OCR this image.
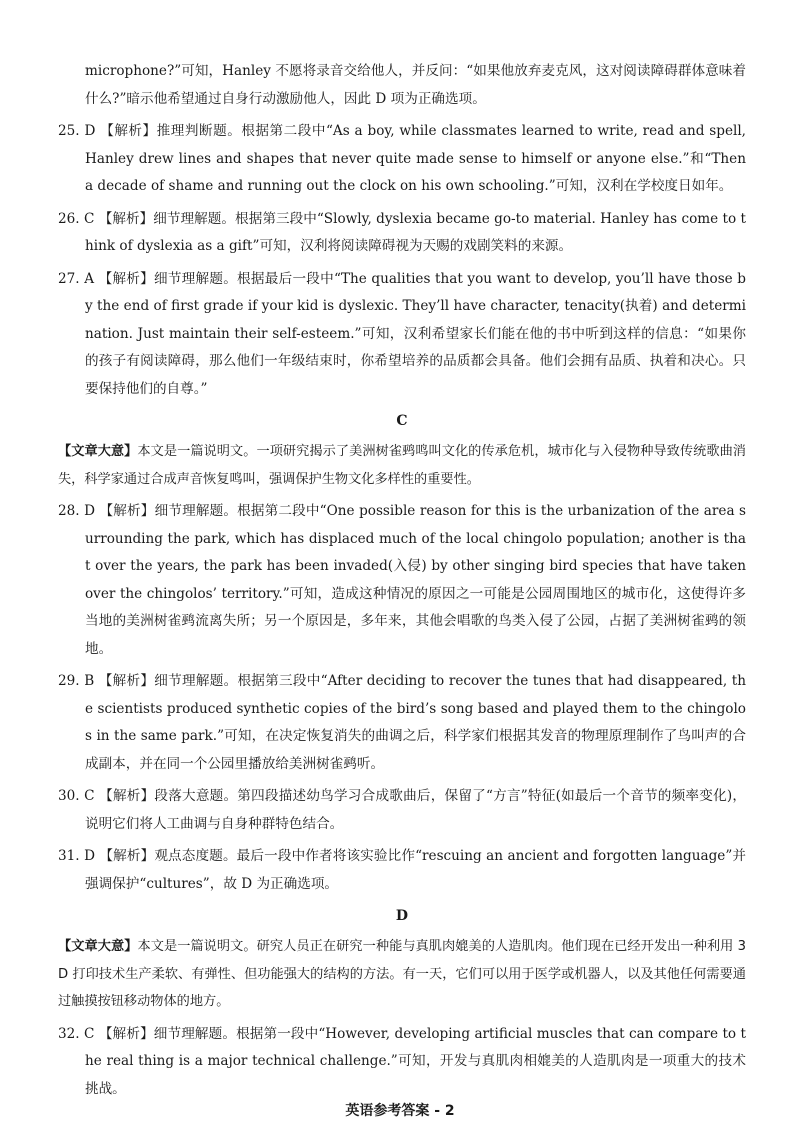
microphone?”可知，Hanley 不愿将录音交给他人，并反问：“如果他放弃麦克风，这对阅读障碍群体意味着什么?”暗示他希望通过自身行动激励他人，因此 D 项为正确选项。

25. D 【解析】推理判断题。根据第二段中“As a boy, while classmates learned to write, read and spell, Hanley drew lines and shapes that never quite made sense to himself or anyone else.”和“Then a decade of shame and running out the clock on his own schooling.”可知，汉利在学校度日如年。

26. C 【解析】细节理解题。根据第三段中“Slowly, dyslexia became go-to material. Hanley has come to think of dyslexia as a gift”可知，汉利将阅读障碍视为天赐的戏剧笑料的来源。

27. A 【解析】细节理解题。根据最后一段中“The qualities that you want to develop, you’ll have those by the end of first grade if your kid is dyslexic. They’ll have character, tenacity(执着) and determination. Just maintain their self-esteem.”可知，汉利希望家长们能在他的书中听到这样的信息：“如果你的孩子有阅读障碍，那么他们一年级结束时，你希望培养的品质都会具备。他们会拥有品质、执着和决心。只要保持他们的自尊。”

C

【文章大意】本文是一篇说明文。一项研究揭示了美洲树雀鹀鸣叫文化的传承危机，城市化与入侵物种导致传统歌曲消失，科学家通过合成声音恢复鸣叫，强调保护生物文化多样性的重要性。

28. D 【解析】细节理解题。根据第二段中“One possible reason for this is the urbanization of the area surrounding the park, which has displaced much of the local chingolo population; another is that over the years, the park has been invaded(入侵) by other singing bird species that have taken over the chingolos’ territory.”可知，造成这种情况的原因之一可能是公园周围地区的城市化，这使得许多当地的美洲树雀鹀流离失所；另一个原因是，多年来，其他会唱歌的鸟类入侵了公园，占据了美洲树雀鹀的领地。

29. B 【解析】细节理解题。根据第三段中“After deciding to recover the tunes that had disappeared, the scientists produced synthetic copies of the bird’s song based and played them to the chingolos in the same park.”可知，在决定恢复消失的曲调之后，科学家们根据其发音的物理原理制作了鸟叫声的合成副本，并在同一个公园里播放给美洲树雀鹀听。

30. C 【解析】段落大意题。第四段描述幼鸟学习合成歌曲后，保留了“方言”特征(如最后一个音节的频率变化)，说明它们将人工曲调与自身种群特色结合。

31. D 【解析】观点态度题。最后一段中作者将该实验比作“rescuing an ancient and forgotten language”并强调保护“cultures”，故 D 为正确选项。

D

【文章大意】本文是一篇说明文。研究人员正在研究一种能与真肌肉媲美的人造肌肉。他们现在已经开发出一种利用 3D 打印技术生产柔软、有弹性、但功能强大的结构的方法。有一天，它们可以用于医学或机器人，以及其他任何需要通过触摸按钮移动物体的地方。

32. C 【解析】细节理解题。根据第一段中“However, developing artificial muscles that can compare to the real thing is a major technical challenge.”可知，开发与真肌肉相媲美的人造肌肉是一项重大的技术挑战。

英语参考答案 - 2
